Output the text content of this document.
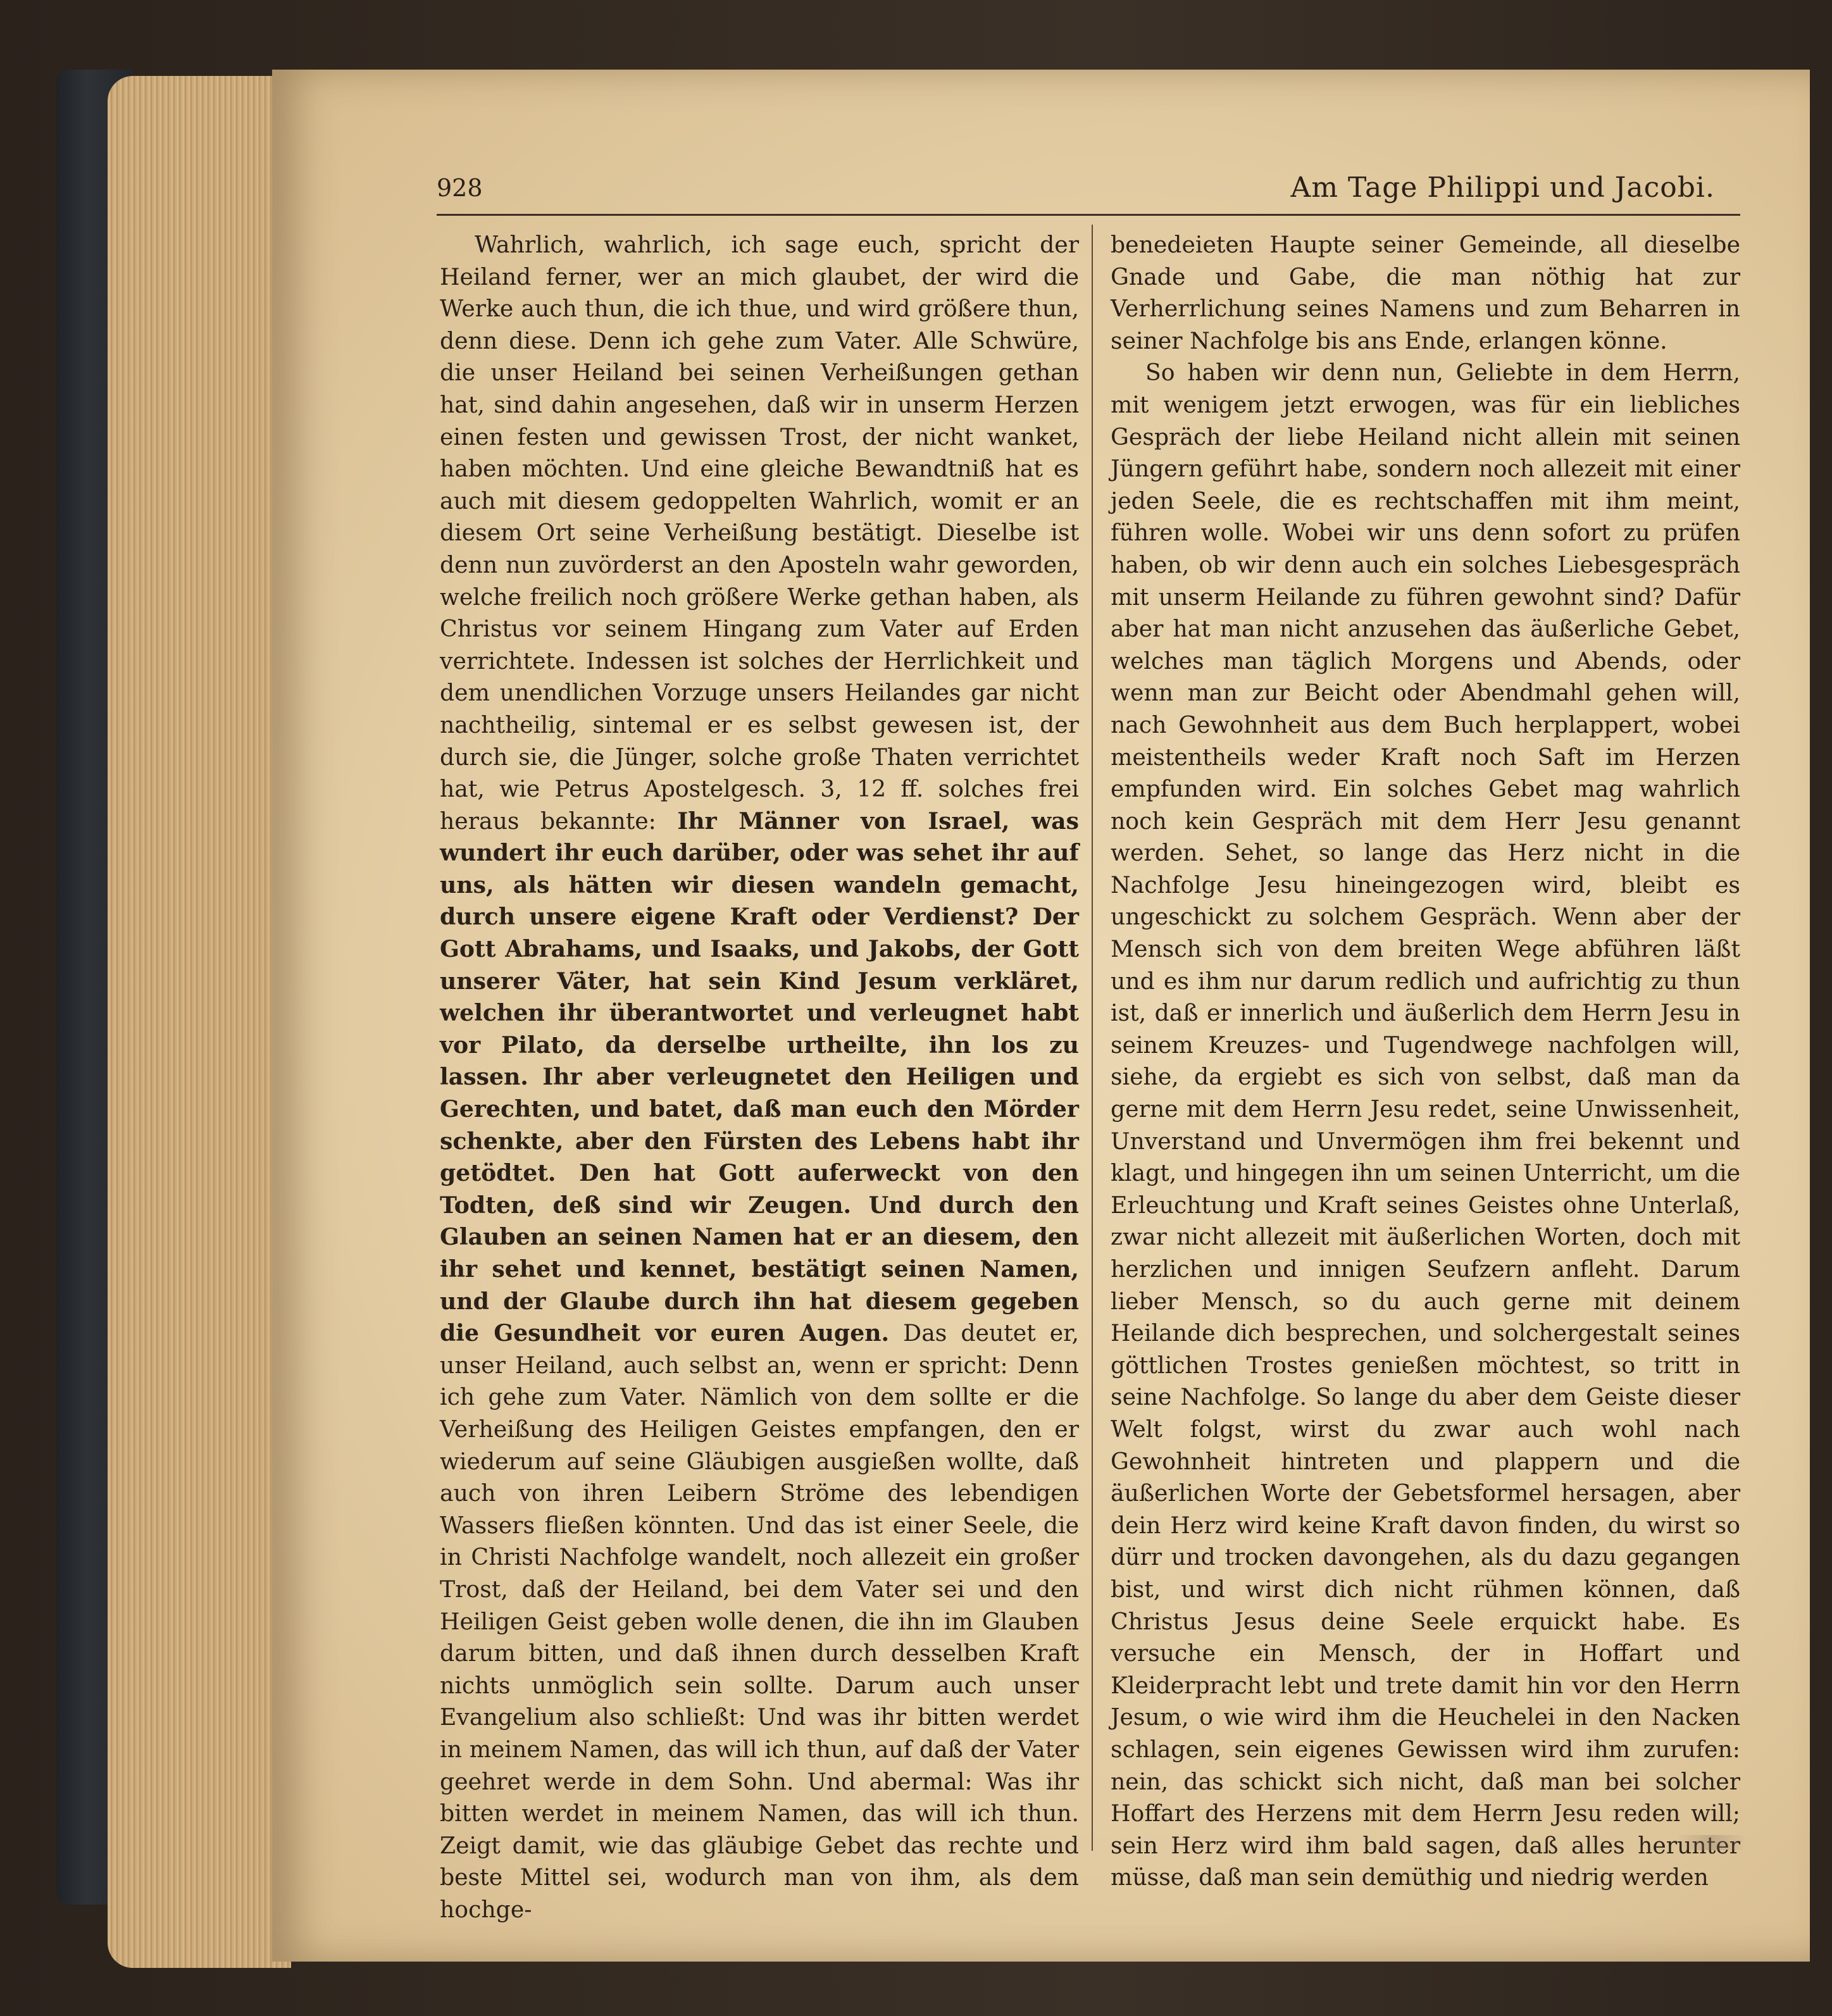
928	Am Tage Philippi und Jacobi.

Wahrlich, wahrlich, ich sage euch, spricht der Heiland ferner, wer an mich glaubet, der wird die Werke auch thun, die ich thue, und wird größere thun, denn diese. Denn ich gehe zum Vater. Alle Schwüre, die unser Heiland bei seinen Verheißungen gethan hat, sind dahin angesehen, daß wir in unserm Herzen einen festen und gewissen Trost, der nicht wanket, haben möchten. Und eine gleiche Bewandtniß hat es auch mit diesem gedoppelten Wahrlich, womit er an diesem Ort seine Verheißung bestätigt. Dieselbe ist denn nun zuvörderst an den Aposteln wahr geworden, welche freilich noch größere Werke gethan haben, als Christus vor seinem Hingang zum Vater auf Erden verrichtete. Indessen ist solches der Herrlichkeit und dem unendlichen Vorzuge unsers Heilandes gar nicht nachtheilig, sintemal er es selbst gewesen ist, der durch sie, die Jünger, solche große Thaten verrichtet hat, wie Petrus Apostelgesch. 3, 12 ff. solches frei heraus bekannte: Ihr Männer von Israel, was wundert ihr euch darüber, oder was sehet ihr auf uns, als hätten wir diesen wandeln gemacht, durch unsere eigene Kraft oder Verdienst? Der Gott Abrahams, und Isaaks, und Jakobs, der Gott unserer Väter, hat sein Kind Jesum verkläret, welchen ihr überantwortet und verleugnet habt vor Pilato, da derselbe urtheilte, ihn los zu lassen. Ihr aber verleugnetet den Heiligen und Gerechten, und batet, daß man euch den Mörder schenkte, aber den Fürsten des Lebens habt ihr getödtet. Den hat Gott auferweckt von den Todten, deß sind wir Zeugen. Und durch den Glauben an seinen Namen hat er an diesem, den ihr sehet und kennet, bestätigt seinen Namen, und der Glaube durch ihn hat diesem gegeben die Gesundheit vor euren Augen. Das deutet er, unser Heiland, auch selbst an, wenn er spricht: Denn ich gehe zum Vater. Nämlich von dem sollte er die Verheißung des Heiligen Geistes empfangen, den er wiederum auf seine Gläubigen ausgießen wollte, daß auch von ihren Leibern Ströme des lebendigen Wassers fließen könnten. Und das ist einer Seele, die in Christi Nachfolge wandelt, noch allezeit ein großer Trost, daß der Heiland, bei dem Vater sei und den Heiligen Geist geben wolle denen, die ihn im Glauben darum bitten, und daß ihnen durch desselben Kraft nichts unmöglich sein sollte. Darum auch unser Evangelium also schließt: Und was ihr bitten werdet in meinem Namen, das will ich thun, auf daß der Vater geehret werde in dem Sohn. Und abermal: Was ihr bitten werdet in meinem Namen, das will ich thun. Zeigt damit, wie das gläubige Gebet das rechte und beste Mittel sei, wodurch man von ihm, als dem hochge-

benedeieten Haupte seiner Gemeinde, all dieselbe Gnade und Gabe, die man nöthig hat zur Verherrlichung seines Namens und zum Beharren in seiner Nachfolge bis ans Ende, erlangen könne.

So haben wir denn nun, Geliebte in dem Herrn, mit wenigem jetzt erwogen, was für ein liebliches Gespräch der liebe Heiland nicht allein mit seinen Jüngern geführt habe, sondern noch allezeit mit einer jeden Seele, die es rechtschaffen mit ihm meint, führen wolle. Wobei wir uns denn sofort zu prüfen haben, ob wir denn auch ein solches Liebesgespräch mit unserm Heilande zu führen gewohnt sind? Dafür aber hat man nicht anzusehen das äußerliche Gebet, welches man täglich Morgens und Abends, oder wenn man zur Beicht oder Abendmahl gehen will, nach Gewohnheit aus dem Buch herplappert, wobei meistentheils weder Kraft noch Saft im Herzen empfunden wird. Ein solches Gebet mag wahrlich noch kein Gespräch mit dem Herr Jesu genannt werden. Sehet, so lange das Herz nicht in die Nachfolge Jesu hineingezogen wird, bleibt es ungeschickt zu solchem Gespräch. Wenn aber der Mensch sich von dem breiten Wege abführen läßt und es ihm nur darum redlich und aufrichtig zu thun ist, daß er innerlich und äußerlich dem Herrn Jesu in seinem Kreuzes- und Tugendwege nachfolgen will, siehe, da ergiebt es sich von selbst, daß man da gerne mit dem Herrn Jesu redet, seine Unwissenheit, Unverstand und Unvermögen ihm frei bekennt und klagt, und hingegen ihn um seinen Unterricht, um die Erleuchtung und Kraft seines Geistes ohne Unterlaß, zwar nicht allezeit mit äußerlichen Worten, doch mit herzlichen und innigen Seufzern anfleht. Darum lieber Mensch, so du auch gerne mit deinem Heilande dich besprechen, und solchergestalt seines göttlichen Trostes genießen möchtest, so tritt in seine Nachfolge. So lange du aber dem Geiste dieser Welt folgst, wirst du zwar auch wohl nach Gewohnheit hintreten und plappern und die äußerlichen Worte der Gebetsformel hersagen, aber dein Herz wird keine Kraft davon finden, du wirst so dürr und trocken davongehen, als du dazu gegangen bist, und wirst dich nicht rühmen können, daß Christus Jesus deine Seele erquickt habe. Es versuche ein Mensch, der in Hoffart und Kleiderpracht lebt und trete damit hin vor den Herrn Jesum, o wie wird ihm die Heuchelei in den Nacken schlagen, sein eigenes Gewissen wird ihm zurufen: nein, das schickt sich nicht, daß man bei solcher Hoffart des Herzens mit dem Herrn Jesu reden will; sein Herz wird ihm bald sagen, daß alles herunter müsse, daß man sein demüthig und niedrig werden
